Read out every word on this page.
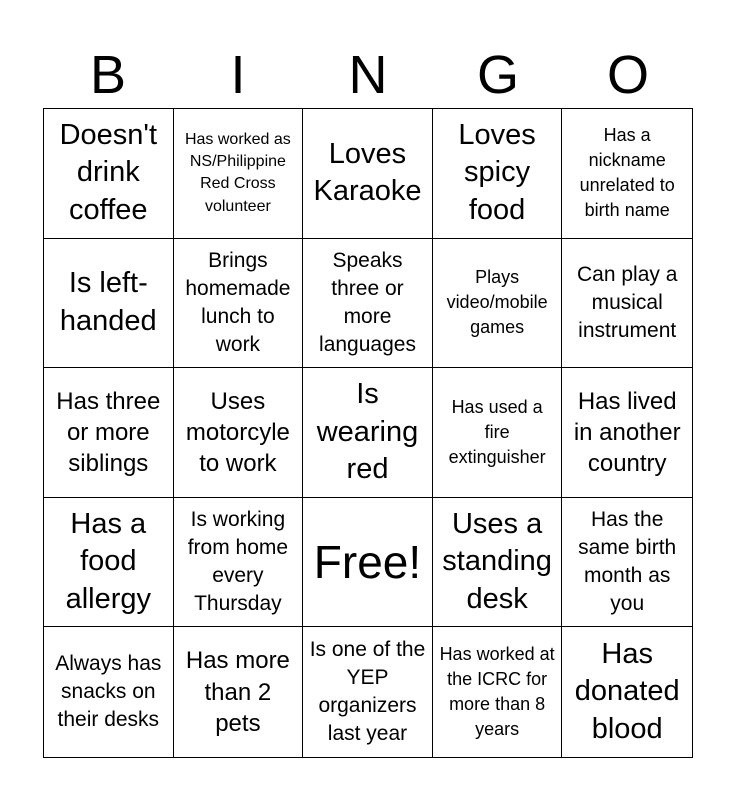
B	I	N	G	O
Doesn't drink coffee
Has worked as NS/Philippine Red Cross volunteer
Loves Karaoke
Loves spicy food
Has a nickname unrelated to birth name
Is left-handed
Brings homemade lunch to work
Speaks three or more languages
Plays video/mobile games
Can play a musical instrument
Has three or more siblings
Uses motorcyle to work
Is wearing red
Has used a fire extinguisher
Has lived in another country
Has a food allergy
Is working from home every Thursday
Free!
Uses a standing desk
Has the same birth month as you
Always has snacks on their desks
Has more than 2 pets
Is one of the YEP organizers last year
Has worked at the ICRC for more than 8 years
Has donated blood
